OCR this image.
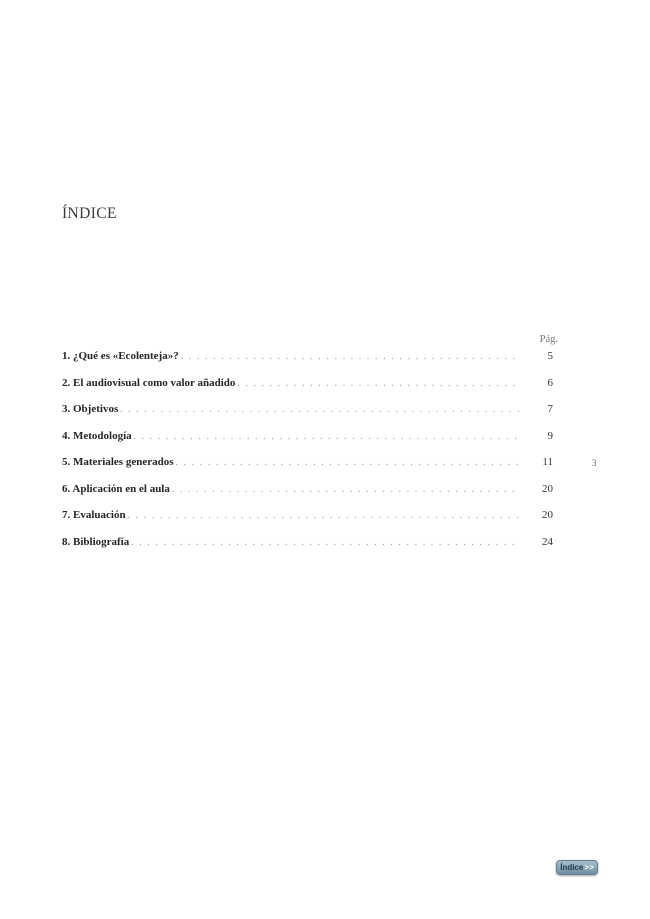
ÍNDICE
Pág.
1. ¿Qué es «Ecolenteja»? . . .	5
2. El audiovisual como valor añadido . . .	6
3. Objetivos . . .	7
4. Metodología . . .	9
5. Materiales generados . . .	11
6. Aplicación en el aula . . .	20
7. Evaluación . . .	20
8. Bibliografía . . .	24
3
Índice >>
